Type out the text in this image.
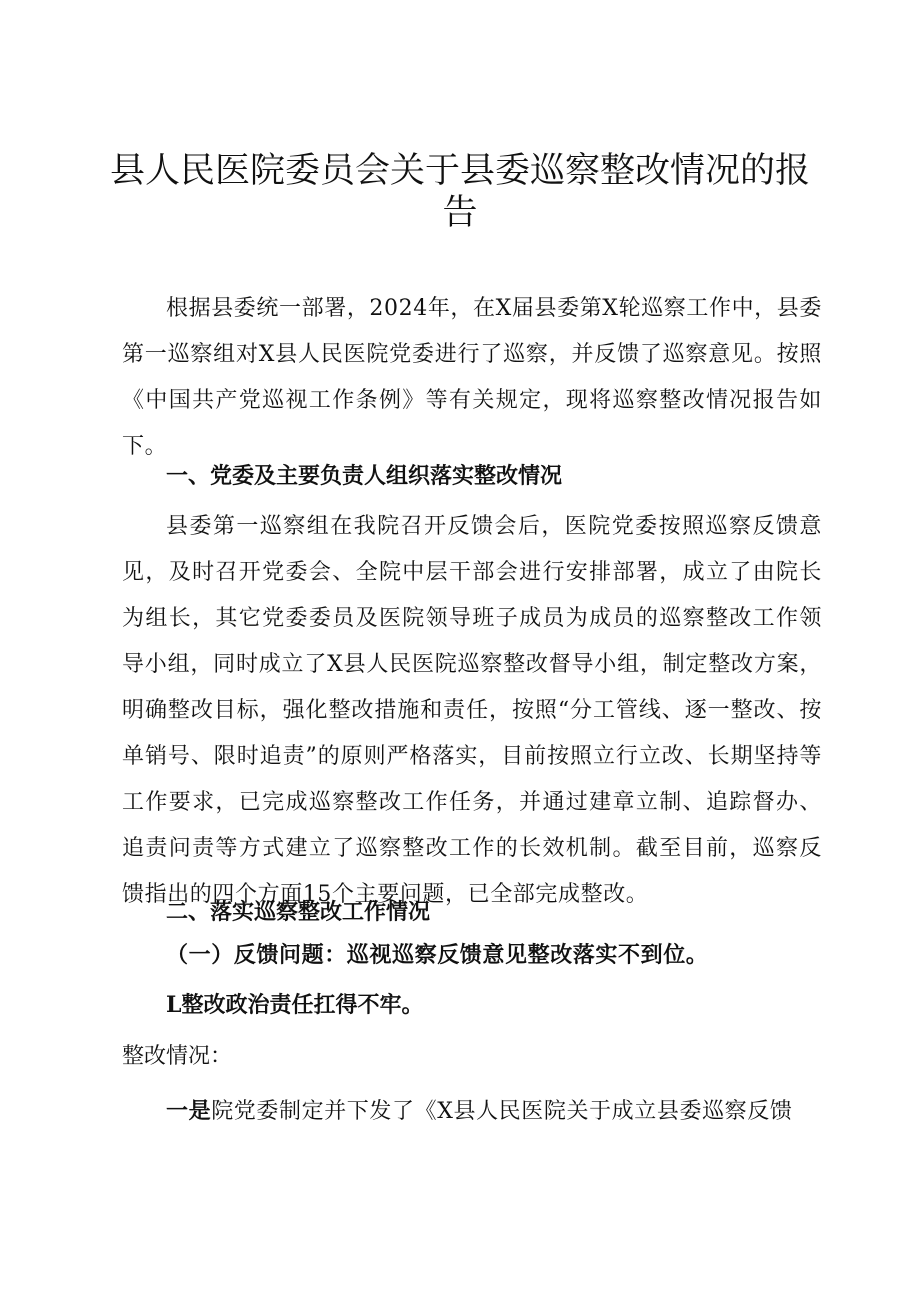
县人民医院委员会关于县委巡察整改情况的报告

根据县委统一部署，2024年，在X届县委第X轮巡察工作中，县委第一巡察组对X县人民医院党委进行了巡察，并反馈了巡察意见。按照《中国共产党巡视工作条例》等有关规定，现将巡察整改情况报告如下。

一、党委及主要负责人组织落实整改情况

县委第一巡察组在我院召开反馈会后，医院党委按照巡察反馈意见，及时召开党委会、全院中层干部会进行安排部署，成立了由院长为组长，其它党委委员及医院领导班子成员为成员的巡察整改工作领导小组，同时成立了X县人民医院巡察整改督导小组，制定整改方案，明确整改目标，强化整改措施和责任，按照“分工管线、逐一整改、按单销号、限时追责”的原则严格落实，目前按照立行立改、长期坚持等工作要求，已完成巡察整改工作任务，并通过建章立制、追踪督办、追责问责等方式建立了巡察整改工作的长效机制。截至目前，巡察反馈指出的四个方面15个主要问题，已全部完成整改。

二、落实巡察整改工作情况

（一）反馈问题：巡视巡察反馈意见整改落实不到位。

L整改政治责任扛得不牢。

整改情况：

一是院党委制定并下发了《X县人民医院关于成立县委巡察反馈
